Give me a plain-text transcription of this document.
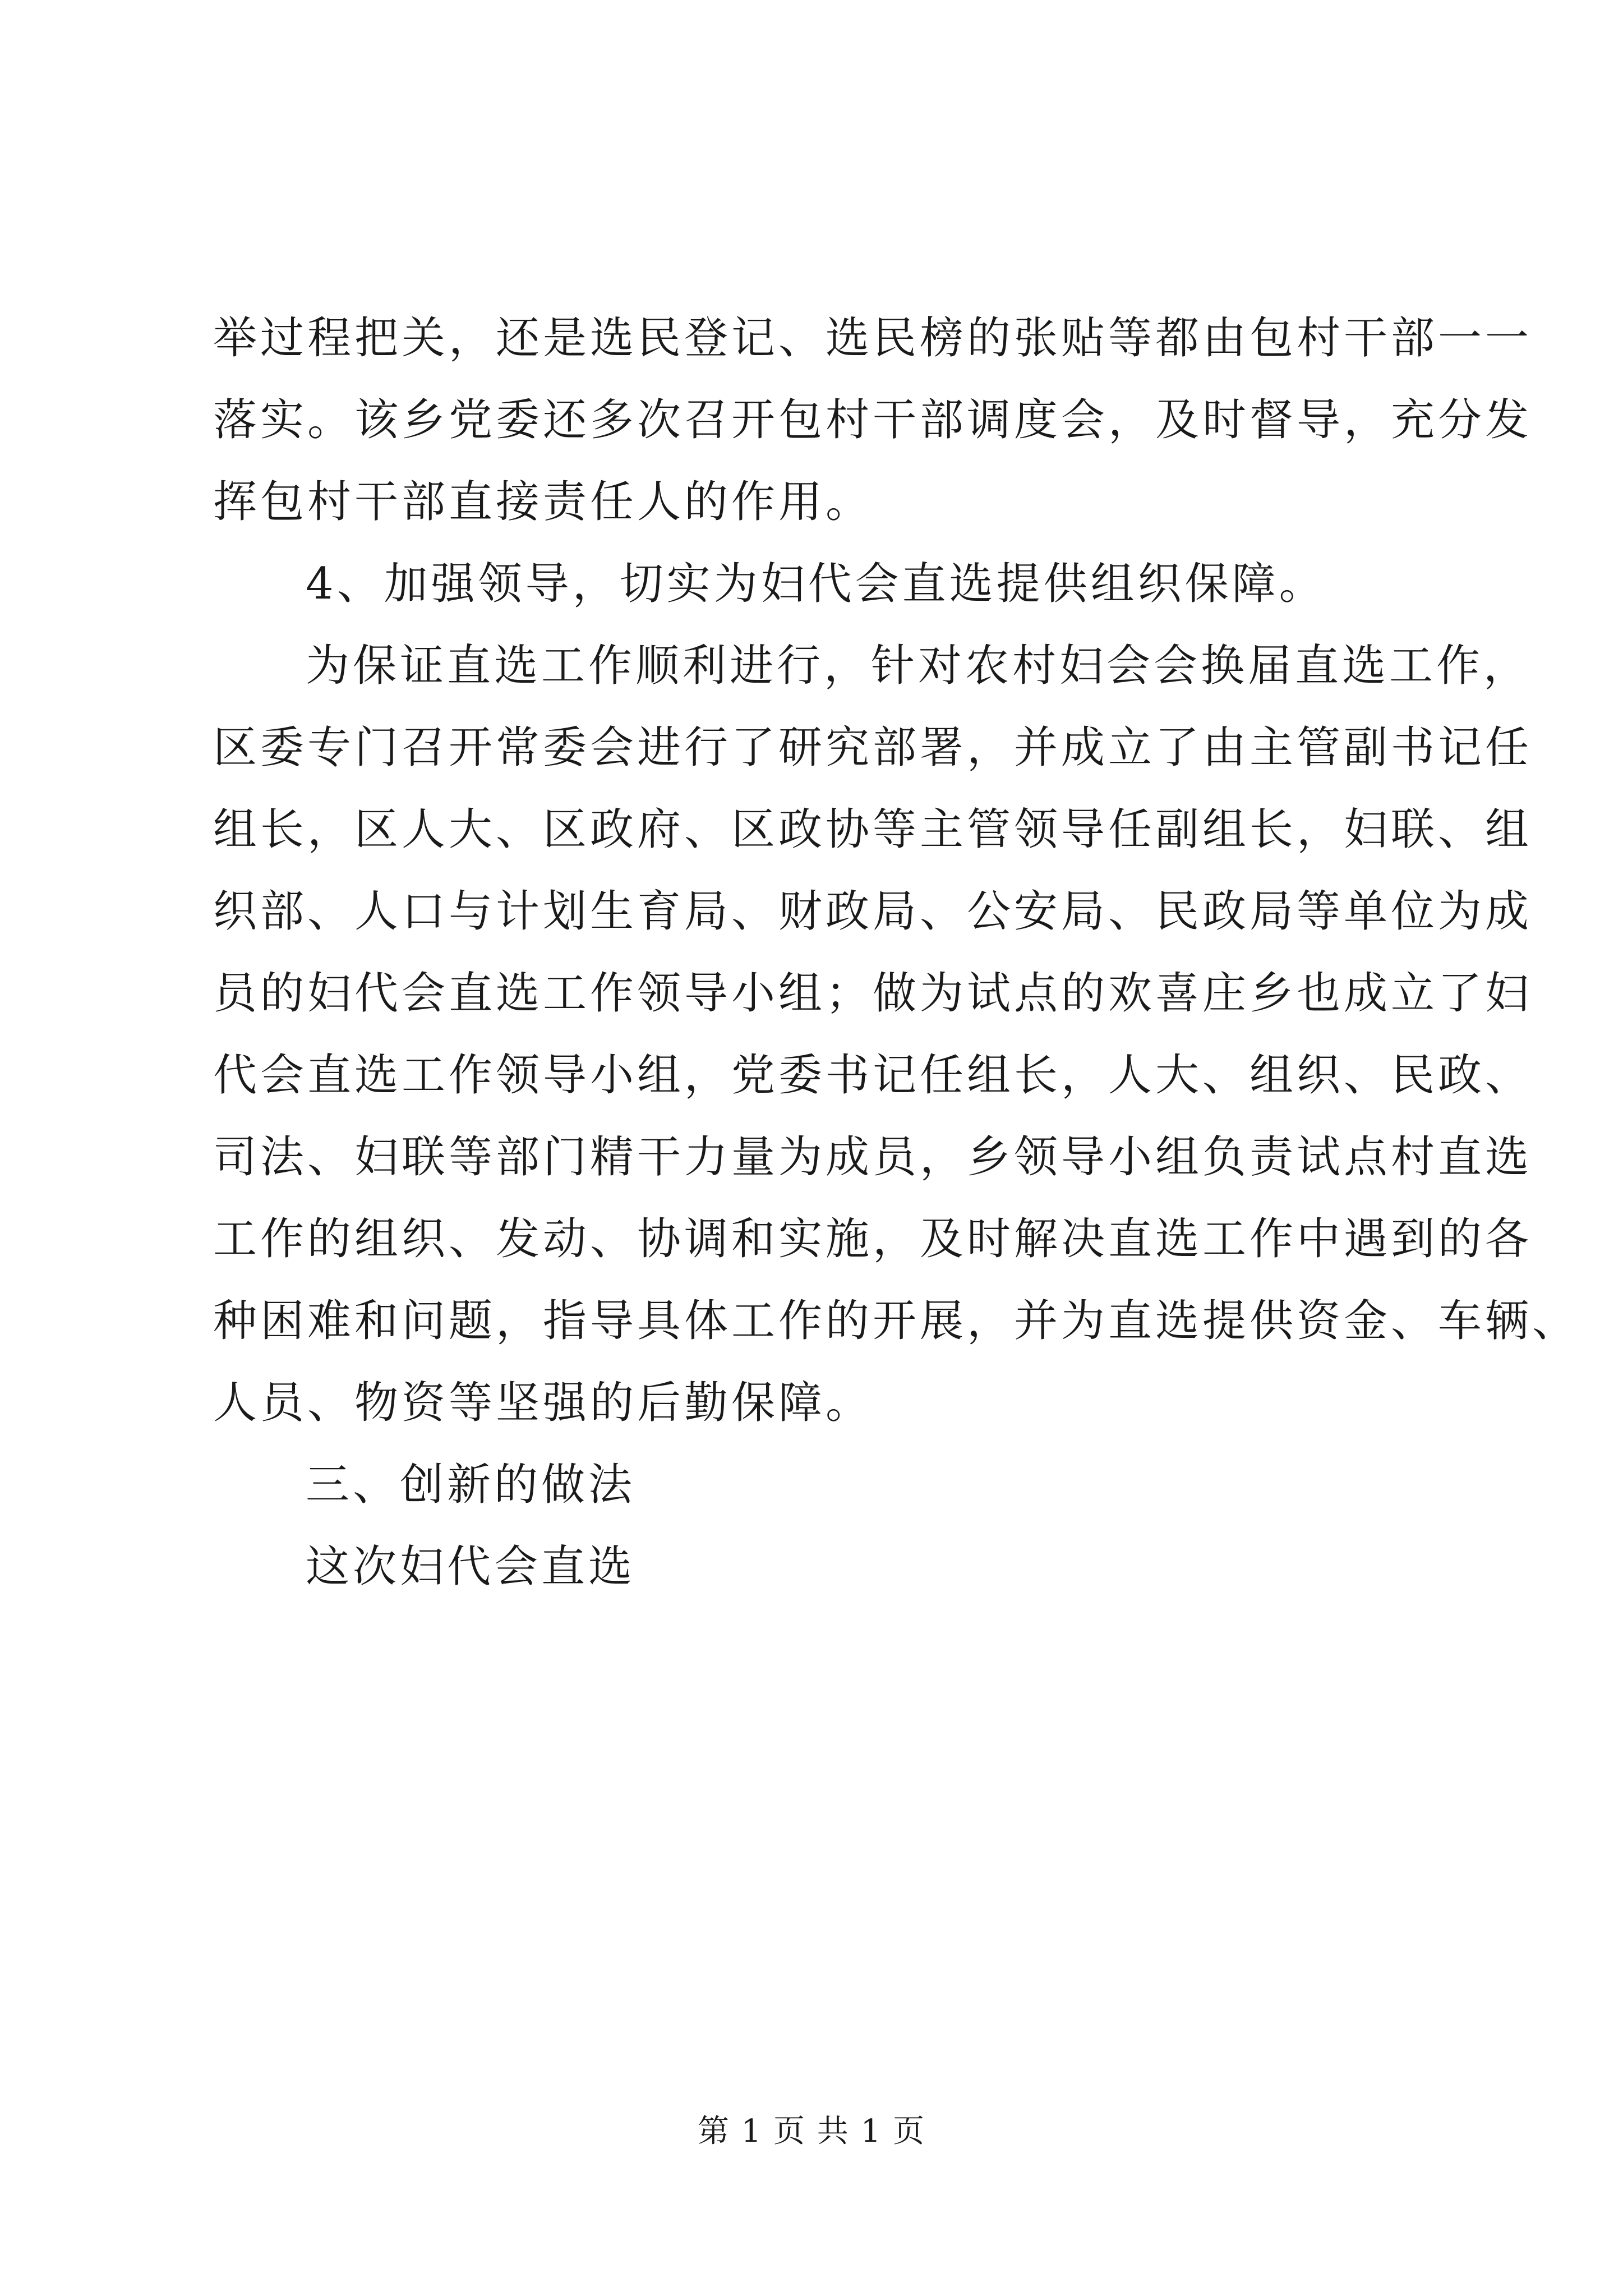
举过程把关，还是选民登记、选民榜的张贴等都由包村干部一一
落实。该乡党委还多次召开包村干部调度会，及时督导，充分发
挥包村干部直接责任人的作用。
4、加强领导，切实为妇代会直选提供组织保障。
为保证直选工作顺利进行，针对农村妇会会换届直选工作，
区委专门召开常委会进行了研究部署，并成立了由主管副书记任
组长，区人大、区政府、区政协等主管领导任副组长，妇联、组
织部、人口与计划生育局、财政局、公安局、民政局等单位为成
员的妇代会直选工作领导小组；做为试点的欢喜庄乡也成立了妇
代会直选工作领导小组，党委书记任组长，人大、组织、民政、
司法、妇联等部门精干力量为成员，乡领导小组负责试点村直选
工作的组织、发动、协调和实施，及时解决直选工作中遇到的各
种困难和问题，指导具体工作的开展，并为直选提供资金、车辆、
人员、物资等坚强的后勤保障。
三、创新的做法
这次妇代会直选
第 1 页 共 1 页
